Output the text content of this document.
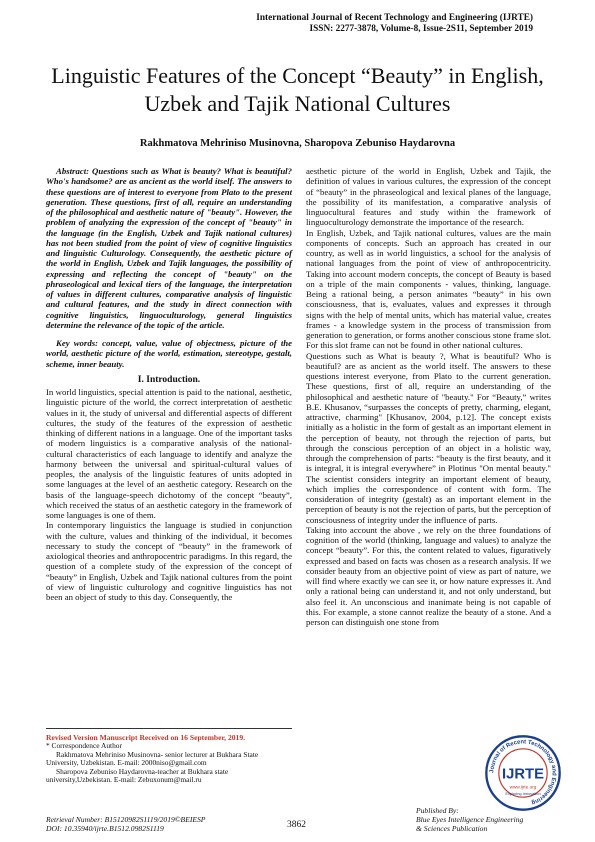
International Journal of Recent Technology and Engineering (IJRTE)
ISSN: 2277-3878, Volume-8, Issue-2S11, September 2019
Linguistic Features of the Concept “Beauty” in English, Uzbek and Tajik National Cultures
Rakhmatova Mehriniso Musinovna, Sharopova Zebuniso Haydarovna

Abstract: Questions such as What is beauty? What is beautiful? Who's handsome? are as ancient as the world itself. The answers to these questions are of interest to everyone from Plato to the present generation. These questions, first of all, require an understanding of the philosophical and aesthetic nature of "beauty". However, the problem of analyzing the expression of the concept of "beauty" in the language (in the English, Uzbek and Tajik national cultures) has not been studied from the point of view of cognitive linguistics and linguistic Culturology. Consequently, the aesthetic picture of the world in English, Uzbek and Tajik languages, the possibility of expressing and reflecting the concept of "beauty" on the phraseological and lexical tiers of the language, the interpretation of values in different cultures, comparative analysis of linguistic and cultural features, and the study in direct connection with cognitive linguistics, linguoculturology, general linguistics determine the relevance of the topic of the article.

Key words: concept, value, value of objectness, picture of the world, aesthetic picture of the world, estimation, stereotype, gestalt, scheme, inner beauty.

I. Introduction.

In world linguistics, special attention is paid to the national, aesthetic, linguistic picture of the world, the correct interpretation of aesthetic values in it, the study of universal and differential aspects of different cultures, the study of the features of the expression of aesthetic thinking of different nations in a language. One of the important tasks of modern linguistics is a comparative analysis of the national-cultural characteristics of each language to identify and analyze the harmony between the universal and spiritual-cultural values of peoples, the analysis of the linguistic features of units adopted in some languages at the level of an aesthetic category. Research on the basis of the language-speech dichotomy of the concept “beauty”, which received the status of an aesthetic category in the framework of some languages is one of them.

In contemporary linguistics the language is studied in conjunction with the culture, values and thinking of the individual, it becomes necessary to study the concept of “beauty” in the framework of axiological theories and anthropocentric paradigms. In this regard, the question of a complete study of the expression of the concept of “beauty” in English, Uzbek and Tajik national cultures from the point of view of linguistic culturology and cognitive linguistics has not been an object of study to this day. Consequently, the

Revised Version Manuscript Received on 16 September, 2019.
* Correspondence Author
Rakhmatova Mehriniso Musinovna- senior lecturer at Bukhara State University, Uzbekistan. E-mail: 2000niso@gmail.com
Sharopova Zebuniso Haydarovna-teacher at Bukhara state university,Uzbekistan. E-mail: Zebuxonum@mail.ru

aesthetic picture of the world in English, Uzbek and Tajik, the definition of values in various cultures, the expression of the concept of “beauty” in the phraseological and lexical planes of the language, the possibility of its manifestation, a comparative analysis of linguocultural features and study within the framework of linguoculturology demonstrate the importance of the research.

In English, Uzbek, and Tajik national cultures, values are the main components of concepts. Such an approach has created in our country, as well as in world linguistics, a school for the analysis of national languages from the point of view of anthropocentricity. Taking into account modern concepts, the concept of Beauty is based on a triple of the main components - values, thinking, language. Being a rational being, a person animates “beauty” in his own consciousness, that is, evaluates, values and expresses it through signs with the help of mental units, which has material value, creates frames - a knowledge system in the process of transmission from generation to generation, or forms another conscious stone frame slot. For this slot frame can not be found in other national cultures.

Questions such as What is beauty ?, What is beautiful? Who is beautiful? are as ancient as the world itself. The answers to these questions interest everyone, from Plato to the current generation. These questions, first of all, require an understanding of the philosophical and aesthetic nature of "beauty." For “Beauty,” writes B.E. Khusanov, “surpasses the concepts of pretty, charming, elegant, attractive, charming" [Khusanov, 2004, p.12]. The concept exists initially as a holistic in the form of gestalt as an important element in the perception of beauty, not through the rejection of parts, but through the conscious perception of an object in a holistic way, through the comprehension of parts: “beauty is the first beauty, and it is integral, it is integral everywhere” in Plotinus "On mental beauty." The scientist considers integrity an important element of beauty, which implies the correspondence of content with form. The consideration of integrity (gestalt) as an important element in the perception of beauty is not the rejection of parts, but the perception of consciousness of integrity under the influence of parts.

Taking into account the above , we rely on the three foundations of cognition of the world (thinking, language and values) to analyze the concept “beauty”. For this, the content related to values, figuratively expressed and based on facts was chosen as a research analysis. If we consider beauty from an objective point of view as part of nature, we will find where exactly we can see it, or how nature expresses it. And only a rational being can understand it, and not only understand, but also feel it. An unconscious and inanimate being is not capable of this. For example, a stone cannot realize the beauty of a stone. And a person can distinguish one stone from

Retrieval Number: B15120982S1119/2019©BEIESP
DOI: 10.35940/ijrte.B1512.0982S1119	3862
Published By:
Blue Eyes Intelligence Engineering
& Sciences Publication
Journal of Recent Technology and Engineering
IJRTE
www.ijrte.org
Exploring Innovation
